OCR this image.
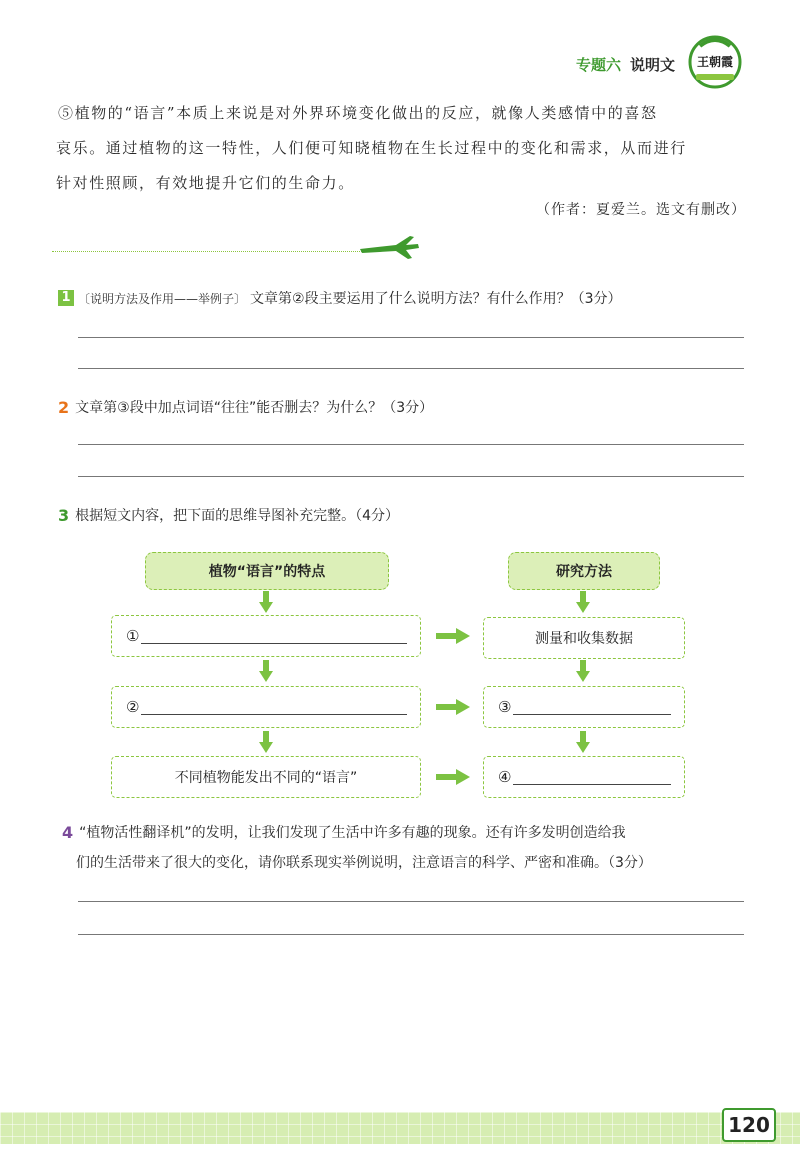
专题六 说明文 王朝霞

⑤植物的“语言”本质上来说是对外界环境变化做出的反应，就像人类感情中的喜怒

哀乐。通过植物的这一特性，人们便可知晓植物在生长过程中的变化和需求，从而进行

针对性照顾，有效地提升它们的生命力。

（作者：夏爱兰。选文有删改）
1 〔说明方法及作用——举例子〕 文章第②段主要运用了什么说明方法？有什么作用？（3分）
2 文章第③段中加点词语“往往”能否删去？为什么？（3分）
3 根据短文内容，把下面的思维导图补充完整。（4分）
植物“语言”的特点	研究方法
①
②
不同植物能发出不同的“语言”
测量和收集数据
③
④
4 “植物活性翻译机”的发明，让我们发现了生活中许多有趣的现象。还有许多发明创造给我
们的生活带来了很大的变化，请你联系现实举例说明，注意语言的科学、严密和准确。（3分）
120
